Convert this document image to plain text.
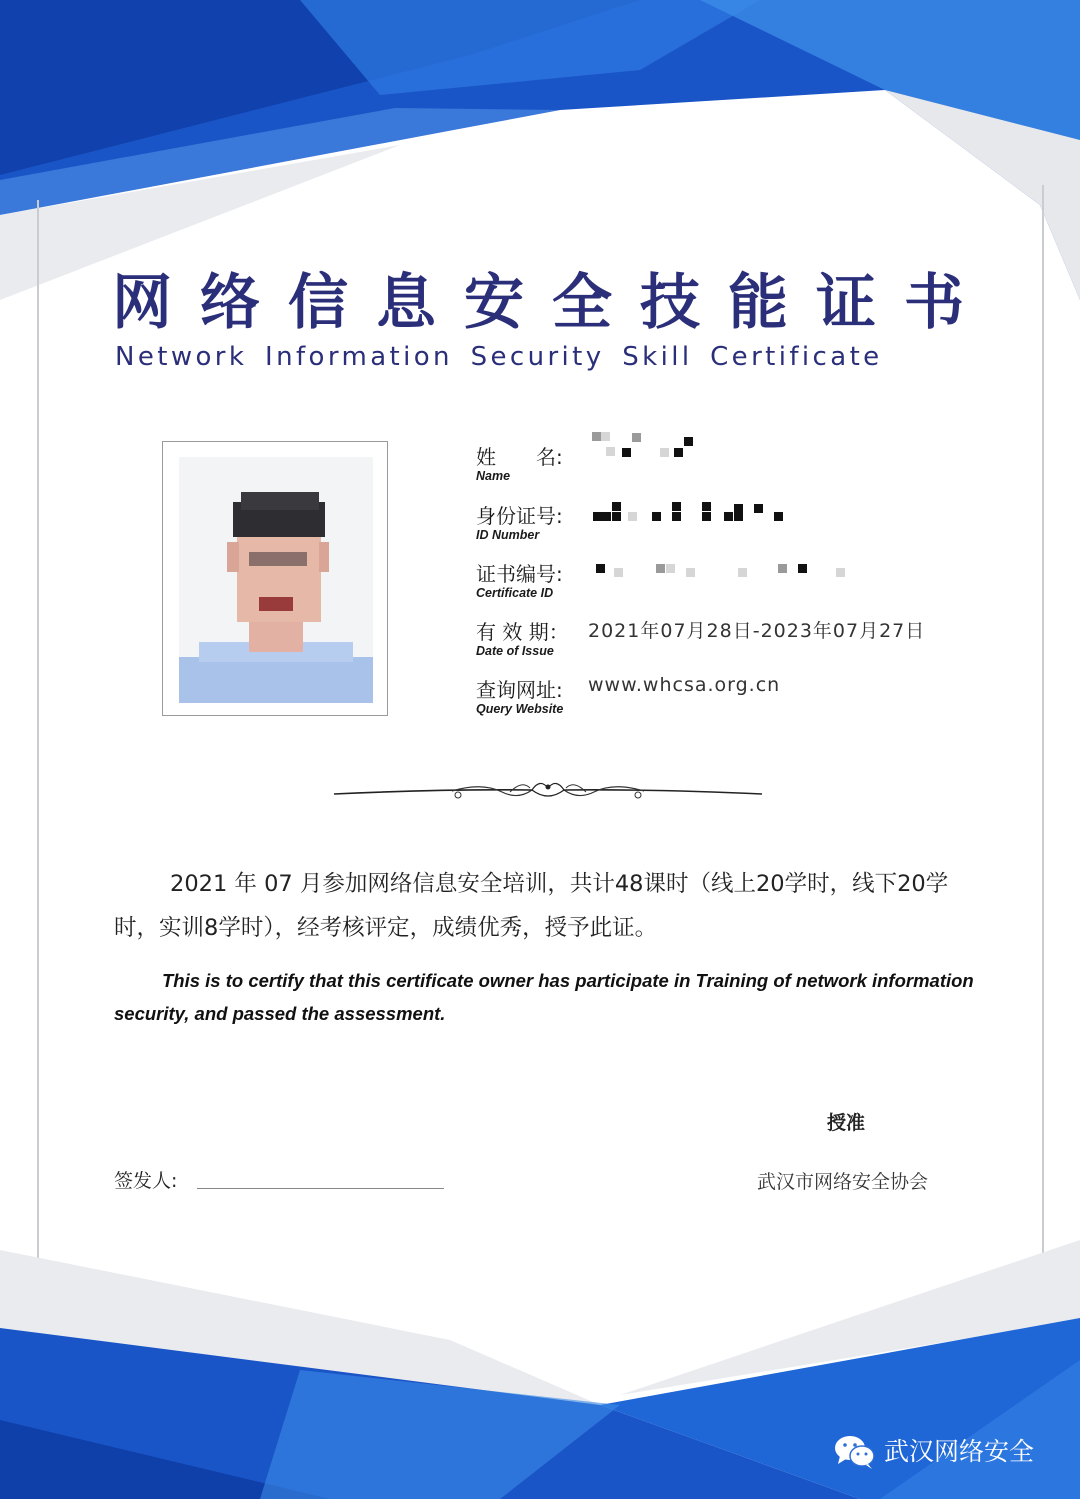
网络信息安全技能证书
Network Information Security Skill Certificate
姓　　名:
Name
身份证号:
ID Number
证书编号:
Certificate ID
有 效 期：
Date of Issue
2021年07月28日-2023年07月27日
查询网址:
Query Website
www.whcsa.org.cn
2021 年 07 月参加网络信息安全培训，共计48课时（线上20学时，线下20学时，实训8学时），经考核评定，成绩优秀，授予此证。
This is to certify that this certificate owner has participate in Training of network information security, and passed the assessment.
授准
签发人:	武汉市网络安全协会
武汉网络安全
